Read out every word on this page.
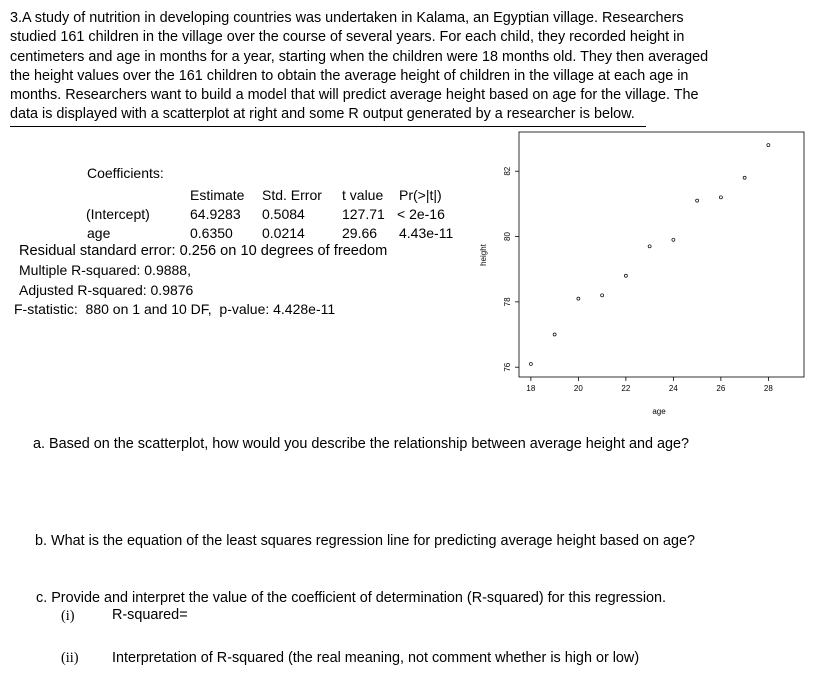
3.A study of nutrition in developing countries was undertaken in Kalama, an Egyptian village. Researchers
studied 161 children in the village over the course of several years. For each child, they recorded height in
centimeters and age in months for a year, starting when the children were 18 months old. They then averaged
the height values over the 161 children to obtain the average height of children in the village at each age in
months. Researchers want to build a model that will predict average height based on age for the village. The
data is displayed with a scatterplot at right and some R output generated by a researcher is below.
Coefficients:
Estimate Std. Error t value Pr(>|t|)
(Intercept)	64.9283 0.5084	127.71 < 2e-16
age	0.6350 0.0214	29.66 4.43e-11
Residual standard error: 0.256 on 10 degrees of freedom
Multiple R-squared: 0.9888,
Adjusted R-squared: 0.9876
F-statistic:  880 on 1 and 10 DF,  p-value: 4.428e-11
18	20	22	24	26	28
76
78
80
82
age
height
a. Based on the scatterplot, how would you describe the relationship between average height and age?
b. What is the equation of the least squares regression line for predicting average height based on age?
c. Provide and interpret the value of the coefficient of determination (R-squared) for this regression.
(i)	R-squared=
(ii) Interpretation of R-squared (the real meaning, not comment whether is high or low)
